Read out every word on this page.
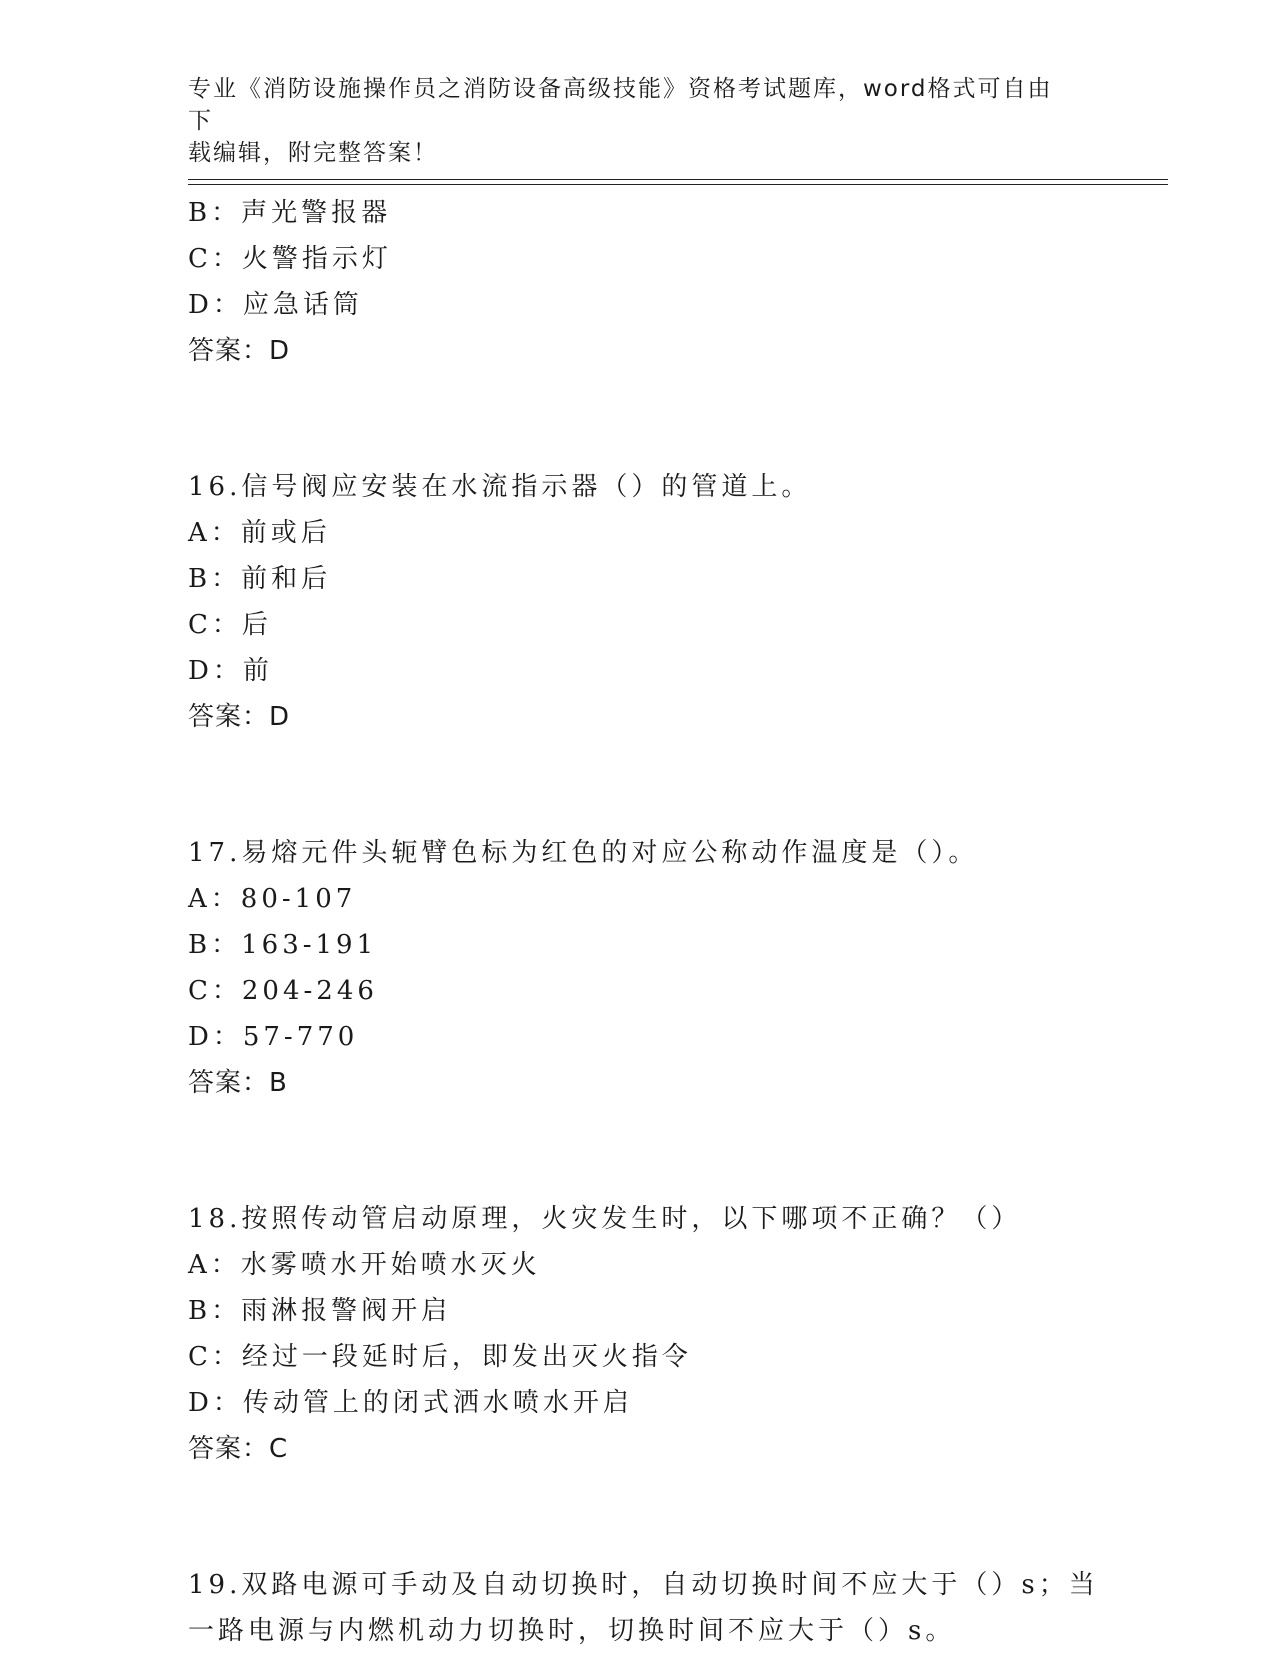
专业《消防设施操作员之消防设备高级技能》资格考试题库，word格式可自由下
载编辑，附完整答案！
B：声光警报器
C：火警指示灯
D：应急话筒
答案：D
16.信号阀应安装在水流指示器（）的管道上。
A：前或后
B：前和后
C：后
D：前
答案：D
17.易熔元件头轭臂色标为红色的对应公称动作温度是（）。
A：80-107
B：163-191
C：204-246
D：57-770
答案：B
18.按照传动管启动原理，火灾发生时，以下哪项不正确？（）
A：水雾喷水开始喷水灭火
B：雨淋报警阀开启
C：经过一段延时后，即发出灭火指令
D：传动管上的闭式洒水喷水开启
答案：C
19.双路电源可手动及自动切换时，自动切换时间不应大于（）s；当
一路电源与内燃机动力切换时，切换时间不应大于（）s。
